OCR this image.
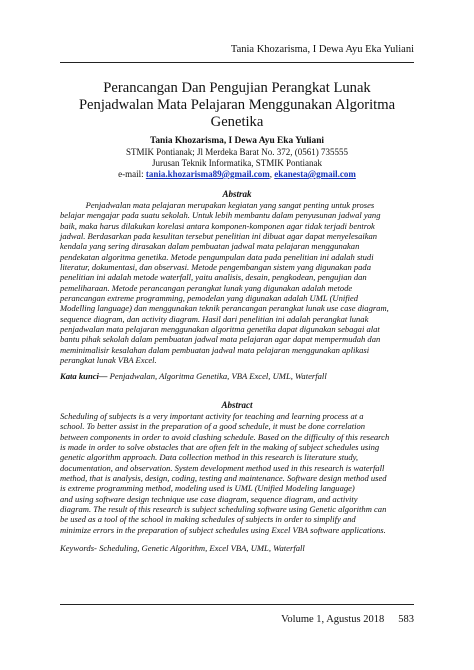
Tania Khozarisma, I Dewa Ayu Eka Yuliani
Perancangan Dan Pengujian Perangkat Lunak
Penjadwalan Mata Pelajaran Menggunakan Algoritma
Genetika
Tania Khozarisma, I Dewa Ayu Eka Yuliani
STMIK Pontianak; Jl Merdeka Barat No. 372, (0561) 735555
Jurusan Teknik Informatika, STMIK Pontianak
e-mail: tania.khozarisma89@gmail.com, ekanesta@gmail.com
Abstrak
Penjadwalan mata pelajaran merupakan kegiatan yang sangat penting untuk proses
belajar mengajar pada suatu sekolah. Untuk lebih membantu dalam penyusunan jadwal yang
baik, maka harus dilakukan korelasi antara komponen-komponen agar tidak terjadi bentrok
jadwal. Berdasarkan pada kesulitan tersebut penelitian ini dibuat agar dapat menyelesaikan
kendala yang sering dirasakan dalam pembuatan jadwal mata pelajaran menggunakan
pendekatan algoritma genetika. Metode pengumpulan data pada penelitian ini adalah studi
literatur, dokumentasi, dan observasi. Metode pengembangan sistem yang digunakan pada
penelitian ini adalah metode waterfall, yaitu analisis, desain, pengkodean, pengujian dan
pemeliharaan. Metode perancangan perangkat lunak yang digunakan adalah metode
perancangan extreme programming, pemodelan yang digunakan adalah UML (Unified
Modelling language) dan menggunakan teknik perancangan perangkat lunak use case diagram,
sequence diagram, dan activity diagram. Hasil dari penelitian ini adalah perangkat lunak
penjadwalan mata pelajaran menggunakan algoritma genetika dapat digunakan sebagai alat
bantu pihak sekolah dalam pembuatan jadwal mata pelajaran agar dapat mempermudah dan
meminimalisir kesalahan dalam pembuatan jadwal mata pelajaran menggunakan aplikasi
perangkat lunak VBA Excel.
Kata kunci— Penjadwalan, Algoritma Genetika, VBA Excel, UML, Waterfall
Abstract
Scheduling of subjects is a very important activity for teaching and learning process at a
school. To better assist in the preparation of a good schedule, it must be done correlation
between components in order to avoid clashing schedule. Based on the difficulty of this research
is made in order to solve obstacles that are often felt in the making of subject schedules using
genetic algorithm approach. Data collection method in this research is literature study,
documentation, and observation. System development method used in this research is waterfall
method, that is analysis, design, coding, testing and maintenance. Software design method used
is extreme programming method, modeling used is UML (Unified Modeling language)
and using software design technique use case diagram, sequence diagram, and activity
diagram. The result of this research is subject scheduling software using Genetic algorithm can
be used as a tool of the school in making schedules of subjects in order to simplify and
minimize errors in the preparation of subject schedules using Excel VBA software applications.
Keywords- Scheduling, Genetic Algorithm, Excel VBA, UML, Waterfall
Volume 1, Agustus 2018 583
